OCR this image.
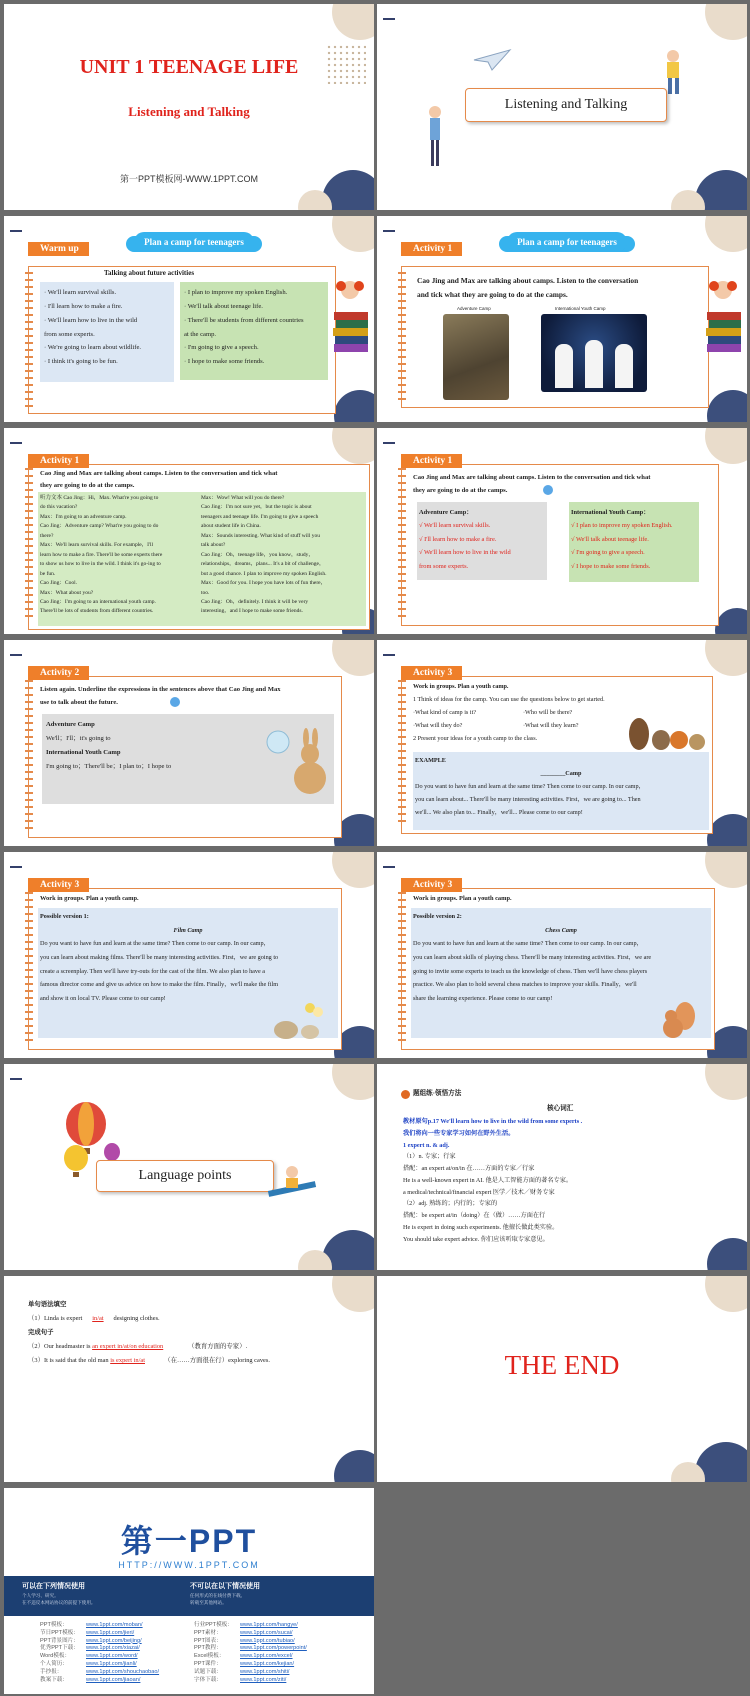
UNIT 1 TEENAGE LIFE
Listening and Talking
第一PPT模板网-WWW.1PPT.COM
Listening and Talking
Plan a camp for teenagers
Warm up
Talking about future activities
· We'll learn survival skills.
· I'll learn how to make a fire.
· We'll learn how to live in the wild
from some experts.
· We're going to learn about wildlife.
· I think it's going to be fun.
· I plan to improve my spoken English.
· We'll talk about teenage life.
· There'll be students from different countries
at the camp.
· I'm going to give a speech.
· I hope to make some friends.
Plan a camp for teenagers
Activity 1
Cao Jing and Max are talking about camps. Listen to the conversation
and tick what they are going to do at the camps.
Adventure Camp	International Youth Camp
Activity 1
Cao Jing and Max are talking about camps. Listen to the conversation and tick what
they are going to do at the camps.
听力文本 Cao Jing：Hi，Max. What're you going to
do this vacation?
Max：I'm going to an adventure camp.
Cao Jing：Adventure camp? What're you going to do
there?
Max：We'll learn survival skills. For example，I'll
learn how to make a fire. There'll be some experts there
to show us how to live in the wild. I think it's go-ing to
be fun.
Cao Jing：Cool.
Max：What about you?
Cao Jing：I'm going to an international youth camp.
There'll be lots of students from different countries.
Max：Wow! What will you do there?
Cao Jing：I'm not sure yet，but the topic is about
teenagers and teenage life. I'm going to give a speech
about student life in China.
Max：Sounds interesting. What kind of stuff will you
talk about?
Cao Jing：Oh，teenage life，you know，study，
relationships，dreams，plans... It's a bit of challenge，
but a good chance. I plan to improve my spoken English.
Max：Good for you. I hope you have lots of fun there，
too.
Cao Jing：Oh，definitely. I think it will be very
interesting，and I hope to make some friends.
Activity 1
Cao Jing and Max are talking about camps. Listen to the conversation and tick what
they are going to do at the camps.
Adventure Camp：
√ We'll learn survival skills.
√ I'll learn how to make a fire.
√ We'll learn how to live in the wild
from some experts.
International Youth Camp：
√ I plan to improve my spoken English.
√ We'll talk about teenage life.
√ I'm going to give a speech.
√ I hope to make some friends.
Activity 2
Listen again. Underline the expressions in the sentences above that Cao Jing and Max
use to talk about the future.
Adventure Camp
We'll；I'll；it's going to
International Youth Camp
I'm going to；There'll be；I plan to；I hope to
Activity 3
Work in groups. Plan a youth camp.
1 Think of ideas for the camp. You can use the questions below to get started.
·What kind of camp is it?	·Who will be there?
·What will they do?	·What will they learn?
2 Present your ideas for a youth camp to the class.
EXAMPLE
________Camp
Do you want to have fun and learn at the same time? Then come to our camp. In our camp，
you can learn about... There'll be many interesting activities. First，we are going to... Then
we'll... We also plan to... Finally，we'll... Please come to our camp!
Activity 3
Work in groups. Plan a youth camp.
Possible version 1:
Film Camp
Do you want to have fun and learn at the same time? Then come to our camp. In our camp，
you can learn about making films. There'll be many interesting activities. First，we are going to
create a screenplay. Then we'll have try-outs for the cast of the film. We also plan to have a
famous director come and give us advice on how to make the film. Finally，we'll make the film
and show it on local TV. Please come to our camp!
Activity 3
Work in groups. Plan a youth camp.
Possible version 2:
Chess Camp
Do you want to have fun and learn at the same time? Then come to our camp. In our camp，
you can learn about skills of playing chess. There'll be many interesting activities. First，we are
going to invite some experts to teach us the knowledge of chess. Then we'll have chess players
practice. We also plan to hold several chess matches to improve your skills. Finally，we'll
share the learning experience. Please come to our camp!
Language points
题组练·领悟方法
核心词汇
教材原句p.17 We'll learn how to live in the wild from some experts .
我们将向一些专家学习如何在野外生活。
1 expert n. & adj.
（1）n. 专家；行家
搭配：an expert at/on/in 在……方面的专家／行家
He is a well-known expert in AI. 他是人工智能方面的著名专家。
a medical/technical/financial expert 医学／技术／财务专家
（2）adj. 熟练的；内行的；专家的
搭配：be expert at/in（doing）在（做）……方面在行
He is expert in doing such experiments. 他擅长做此类实验。
You should take expert advice. 你们应该听取专家意见。
单句语法填空
（1）Linda is expert in/at designing clothes.
完成句子
（2）Our headmaster is an expert in/at/on education	（教育方面的专家）.
（3）It is said that the old man is expert in/at	（在……方面很在行）exploring caves.	THE END
第一PPT
HTTP://WWW.1PPT.COM
可以在下列情况使用
个人学习、研究。
在不违反本网站协议的前提下使用。
不可以在以下情况使用
任何形式的在线付费下载。
转载至其他网站。
PPT模板：	www.1ppt.com/moban/
节日PPT模板： www.1ppt.com/jieri/
PPT背景图片： www.1ppt.com/beijing/
优秀PPT下载： www.1ppt.com/xiazai/
Word模板：	www.1ppt.com/word/
个人简历：	www.1ppt.com/jianli/
手抄报：	www.1ppt.com/shouchaobao/
教案下载：	www.1ppt.com/jiaoan/
行业PPT模板： www.1ppt.com/hangye/
PPT素材：	www.1ppt.com/sucai/
PPT图表：	www.1ppt.com/tubiao/
PPT教程：	www.1ppt.com/powerpoint/
Excel模板：	www.1ppt.com/excel/
PPT课件：	www.1ppt.com/kejian/
试题下载：	www.1ppt.com/shiti/
字体下载：	www.1ppt.com/ziti/
